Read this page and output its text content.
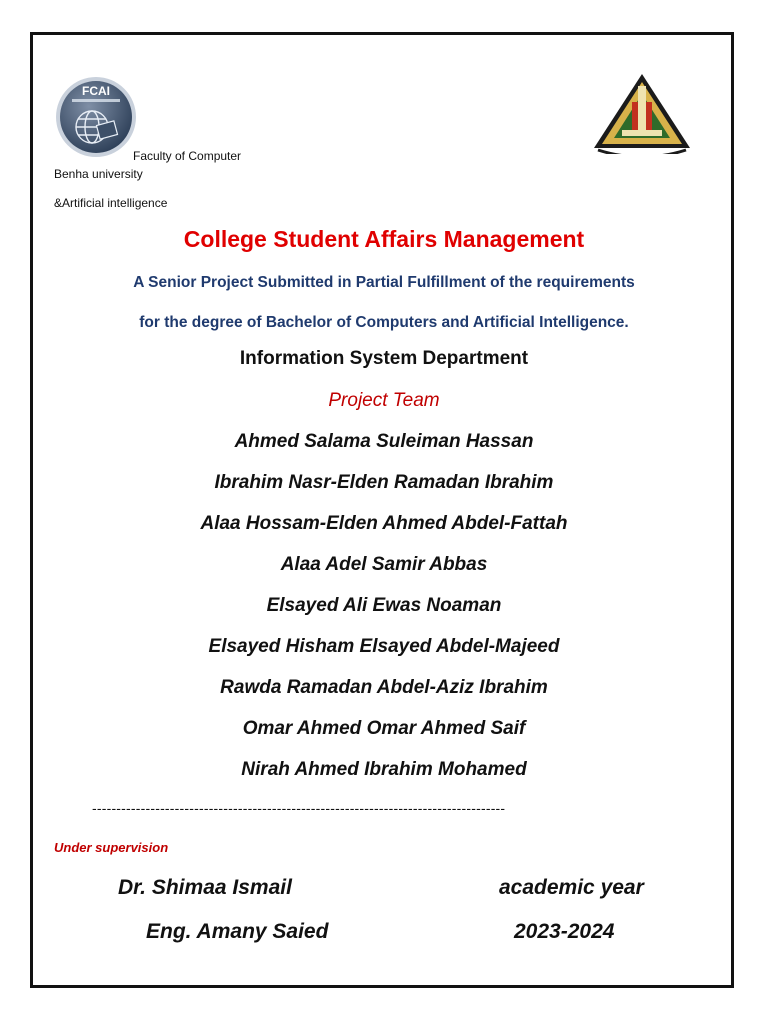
FCAI
Faculty of Computer
Benha university
&Artificial intelligence
College Student Affairs Management
A Senior Project Submitted in Partial Fulfillment of the requirements
for the degree of Bachelor of Computers and Artificial Intelligence.
Information System Department
Project Team
Ahmed Salama Suleiman Hassan
Ibrahim Nasr-Elden Ramadan Ibrahim
Alaa Hossam-Elden Ahmed Abdel-Fattah
Alaa Adel Samir Abbas
Elsayed Ali Ewas Noaman
Elsayed Hisham Elsayed Abdel-Majeed
Rawda Ramadan Abdel-Aziz Ibrahim
Omar Ahmed Omar Ahmed Saif
Nirah Ahmed Ibrahim Mohamed
-------------------------------------------------------------------------------------
Under supervision
Dr. Shimaa Ismail
Eng. Amany Saied
academic year
2023-2024
